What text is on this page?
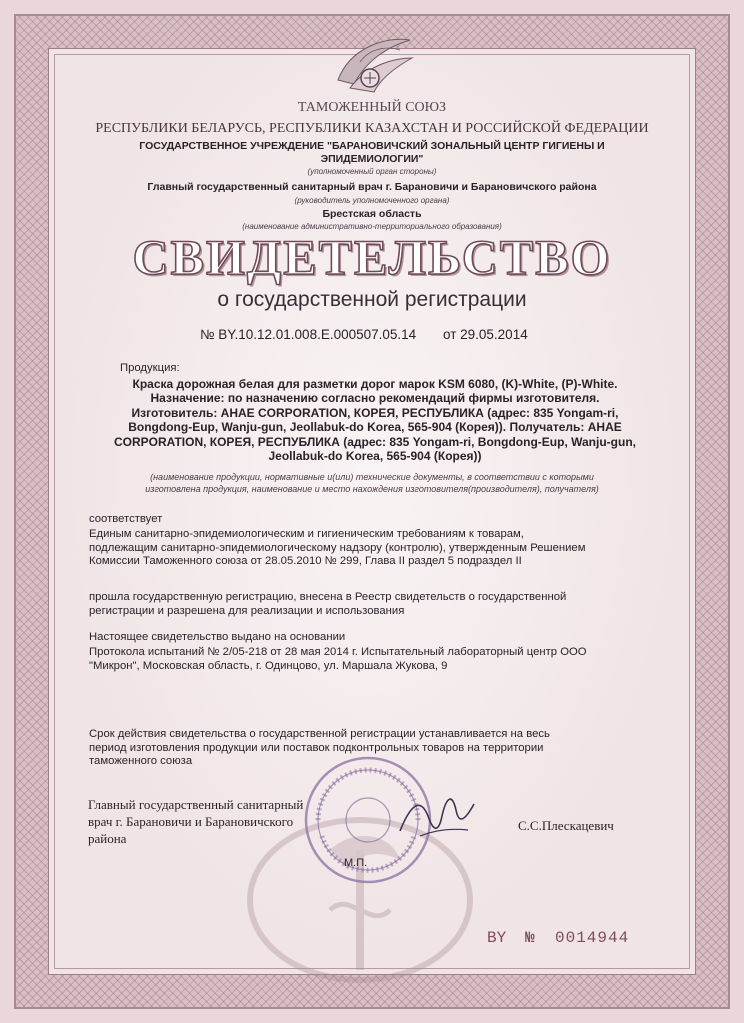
ТАМОЖЕННЫЙ СОЮЗ
РЕСПУБЛИКИ БЕЛАРУСЬ, РЕСПУБЛИКИ КАЗАХСТАН И РОССИЙСКОЙ ФЕДЕРАЦИИ
ГОСУДАРСТВЕННОЕ УЧРЕЖДЕНИЕ "БАРАНОВИЧСКИЙ ЗОНАЛЬНЫЙ ЦЕНТР ГИГИЕНЫ И
ЭПИДЕМИОЛОГИИ"
(уполномоченный орган стороны)
Главный государственный санитарный врач г. Барановичи и Барановичского района
(руководитель уполномоченного органа)
Брестская область
(наименование административно-территориального образования)
СВИДЕТЕЛЬСТВО
о государственной регистрации
№ BY.10.12.01.008.E.000507.05.14 от 29.05.2014
Продукция:
Краска дорожная белая для разметки дорог марок KSM 6080, (K)-White, (P)-White.
Назначение: по назначению согласно рекомендаций фирмы изготовителя.
Изготовитель: AHAE CORPORATION, КОРЕЯ, РЕСПУБЛИКА (адрес: 835 Yongam-ri,
Bongdong-Eup, Wanju-gun, Jeollabuk-do Korea, 565-904 (Корея)). Получатель: AHAE
CORPORATION, КОРЕЯ, РЕСПУБЛИКА (адрес: 835 Yongam-ri, Bongdong-Eup, Wanju-gun,
Jeollabuk-do Korea, 565-904 (Корея))
(наименование продукции, нормативные и(или) технические документы, в соответствии с которыми
изготовлена продукция, наименование и место нахождения изготовителя(производителя), получателя)
соответствует
Единым санитарно-эпидемиологическим и гигиеническим требованиям к товарам,
подлежащим санитарно-эпидемиологическому надзору (контролю), утвержденным Решением
Комиссии Таможенного союза от 28.05.2010 № 299, Глава II раздел 5 подраздел II
прошла государственную регистрацию, внесена в Реестр свидетельств о государственной
регистрации и разрешена для реализации и использования
Настоящее свидетельство выдано на основании
Протокола испытаний № 2/05-218 от 28 мая 2014 г. Испытательный лабораторный центр ООО
"Микрон", Московская область, г. Одинцово, ул. Маршала Жукова, 9
Срок действия свидетельства о государственной регистрации устанавливается на весь
период изготовления продукции или поставок подконтрольных товаров на территории
таможенного союза
Главный государственный санитарный
врач г. Барановичи и Барановичского
района
С.С.Плескацевич
М.П.
BY № 0014944
